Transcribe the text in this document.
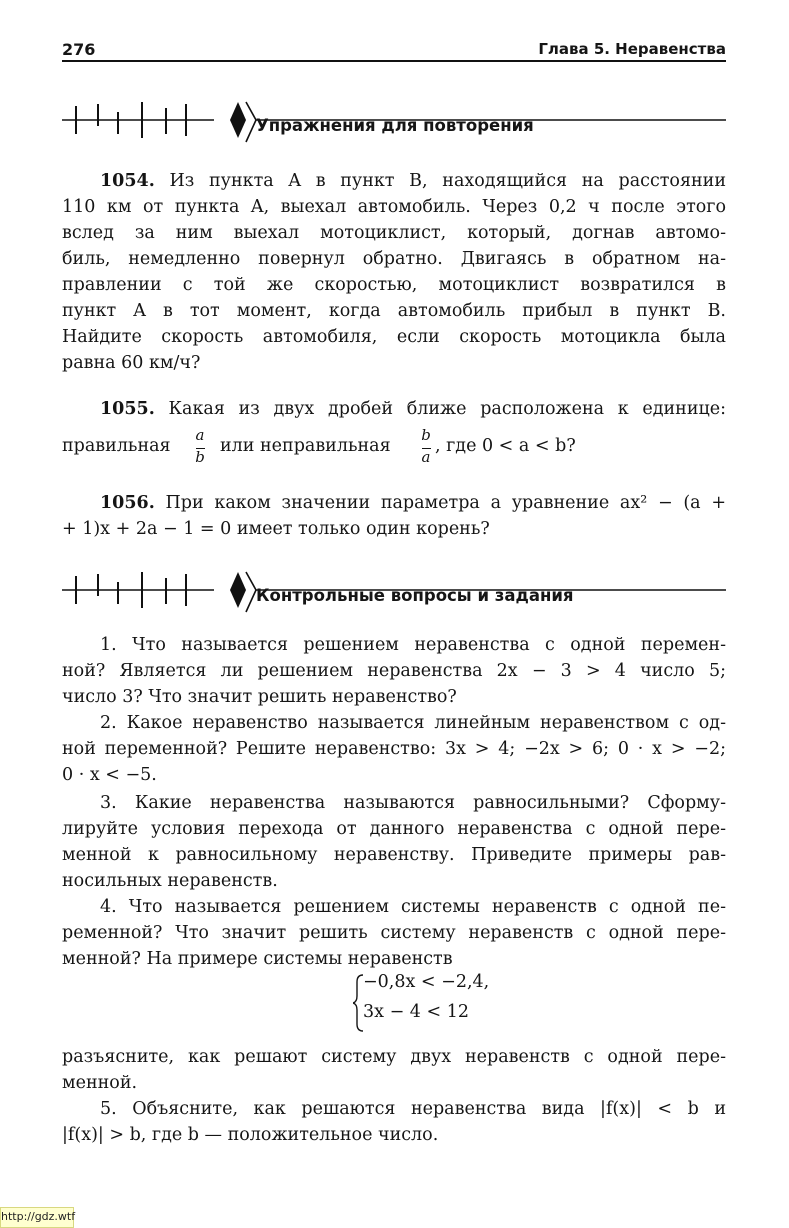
276	Глава 5. Неравенства
Упражнения для повторения
1054. Из пункта A в пункт B, находящийся на расстоянии
110 км от пункта A, выехал автомобиль. Через 0,2 ч после этого
вслед за ним выехал мотоциклист, который, догнав автомо-
биль, немедленно повернул обратно. Двигаясь в обратном на-
правлении с той же скоростью, мотоциклист возвратился в
пункт A в тот момент, когда автомобиль прибыл в пункт B.
Найдите скорость автомобиля, если скорость мотоцикла была
равна 60 км/ч?
1055. Какая из двух дробей ближе расположена к единице:
правильная
a
b
или неправильная
b
a
, где 0 < a < b?
1056. При каком значении параметра a уравнение ax² − (a +
+ 1)x + 2a − 1 = 0 имеет только один корень?
Контрольные вопросы и задания
1. Что называется решением неравенства с одной перемен-
ной? Является ли решением неравенства 2x − 3 > 4 число 5;
число 3? Что значит решить неравенство?
2. Какое неравенство называется линейным неравенством с од-
ной переменной? Решите неравенство: 3x > 4; −2x > 6; 0 · x > −2;
0 · x < −5.
3. Какие неравенства называются равносильными? Сформу-
лируйте условия перехода от данного неравенства с одной пере-
менной к равносильному неравенству. Приведите примеры рав-
носильных неравенств.
4. Что называется решением системы неравенств с одной пе-
ременной? Что значит решить систему неравенств с одной пере-
менной? На примере системы неравенств
−0,8x < −2,4,
3x − 4 < 12
разъясните, как решают систему двух неравенств с одной пере-
менной.
5. Объясните, как решаются неравенства вида |f(x)| < b и
|f(x)| > b, где b — положительное число.
http://gdz.wtf
